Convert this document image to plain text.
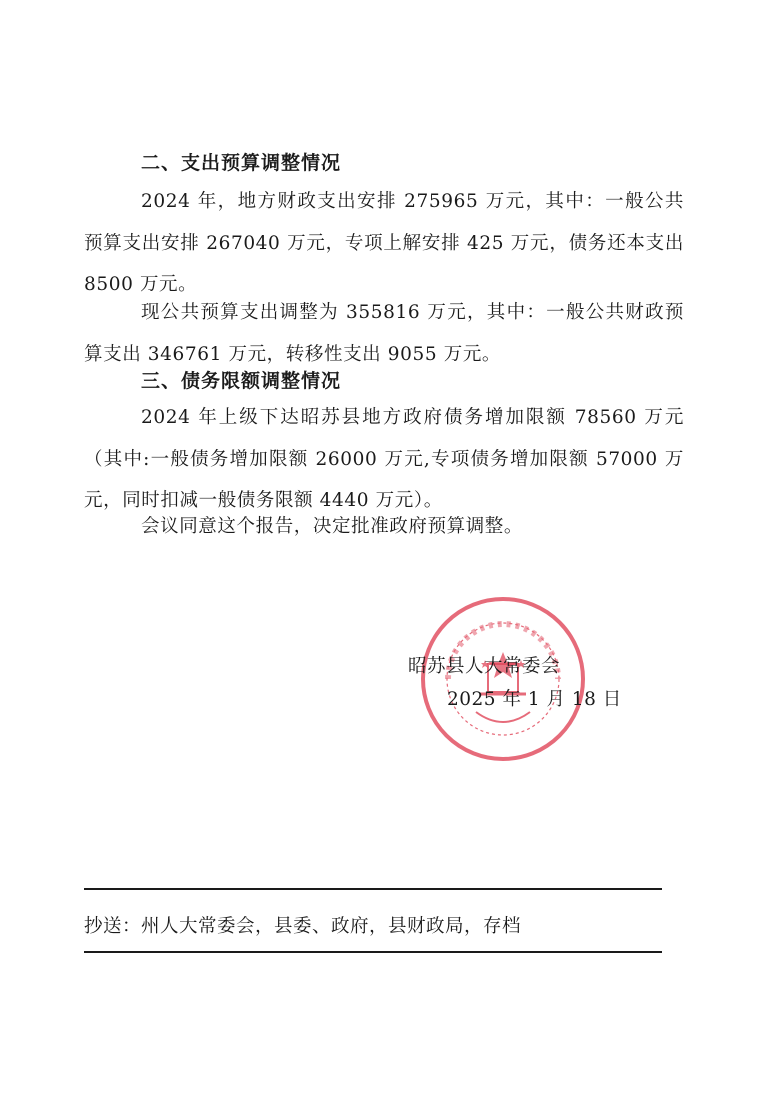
二、支出预算调整情况
2024 年，地方财政支出安排 275965 万元，其中：一般公共预算支出安排 267040 万元，专项上解安排 425 万元，债务还本支出 8500 万元。
现公共预算支出调整为 355816 万元，其中：一般公共财政预算支出 346761 万元，转移性支出 9055 万元。
三、债务限额调整情况
2024 年上级下达昭苏县地方政府债务增加限额 78560 万元（其中:一般债务增加限额 26000 万元,专项债务增加限额 57000 万元，同时扣减一般债务限额 4440 万元）。
会议同意这个报告，决定批准政府预算调整。
昭苏县人大常委会
2025 年 1 月 18 日
抄送：州人大常委会，县委、政府，县财政局，存档
